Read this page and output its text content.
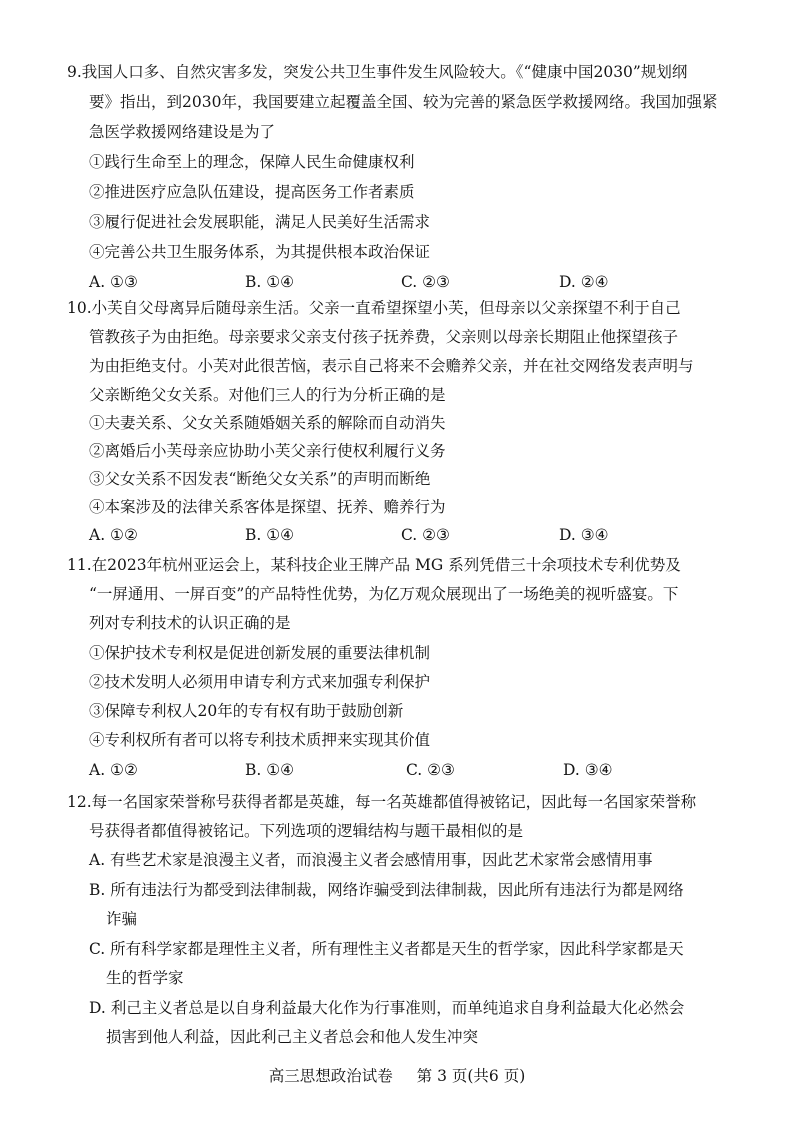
9.我国人口多、自然灾害多发，突发公共卫生事件发生风险较大。《“健康中国2030”规划纲
要》指出，到2030年，我国要建立起覆盖全国、较为完善的紧急医学救援网络。我国加强紧
急医学救援网络建设是为了
①践行生命至上的理念，保障人民生命健康权利
②推进医疗应急队伍建设，提高医务工作者素质
③履行促进社会发展职能，满足人民美好生活需求
④完善公共卫生服务体系，为其提供根本政治保证
A. ①③	B. ①④	C. ②③	D. ②④
10.小芙自父母离异后随母亲生活。父亲一直希望探望小芙，但母亲以父亲探望不利于自己
管教孩子为由拒绝。母亲要求父亲支付孩子抚养费，父亲则以母亲长期阻止他探望孩子
为由拒绝支付。小芙对此很苦恼，表示自己将来不会赡养父亲，并在社交网络发表声明与
父亲断绝父女关系。对他们三人的行为分析正确的是
①夫妻关系、父女关系随婚姻关系的解除而自动消失
②离婚后小芙母亲应协助小芙父亲行使权利履行义务
③父女关系不因发表“断绝父女关系”的声明而断绝
④本案涉及的法律关系客体是探望、抚养、赡养行为
A. ①②	B. ①④	C. ②③	D. ③④
11.在2023年杭州亚运会上，某科技企业王牌产品 MG 系列凭借三十余项技术专利优势及
“一屏通用、一屏百变”的产品特性优势，为亿万观众展现出了一场绝美的视听盛宴。下
列对专利技术的认识正确的是
①保护技术专利权是促进创新发展的重要法律机制
②技术发明人必须用申请专利方式来加强专利保护
③保障专利权人20年的专有权有助于鼓励创新
④专利权所有者可以将专利技术质押来实现其价值
A. ①②	B. ①④	C. ②③	D. ③④
12.每一名国家荣誉称号获得者都是英雄，每一名英雄都值得被铭记，因此每一名国家荣誉称
号获得者都值得被铭记。下列选项的逻辑结构与题干最相似的是
A. 有些艺术家是浪漫主义者，而浪漫主义者会感情用事，因此艺术家常会感情用事
B. 所有违法行为都受到法律制裁，网络诈骗受到法律制裁，因此所有违法行为都是网络
诈骗
C. 所有科学家都是理性主义者，所有理性主义者都是天生的哲学家，因此科学家都是天
生的哲学家
D. 利己主义者总是以自身利益最大化作为行事准则，而单纯追求自身利益最大化必然会
损害到他人利益，因此利己主义者总会和他人发生冲突
高三思想政治试卷 第 3 页(共6 页)
